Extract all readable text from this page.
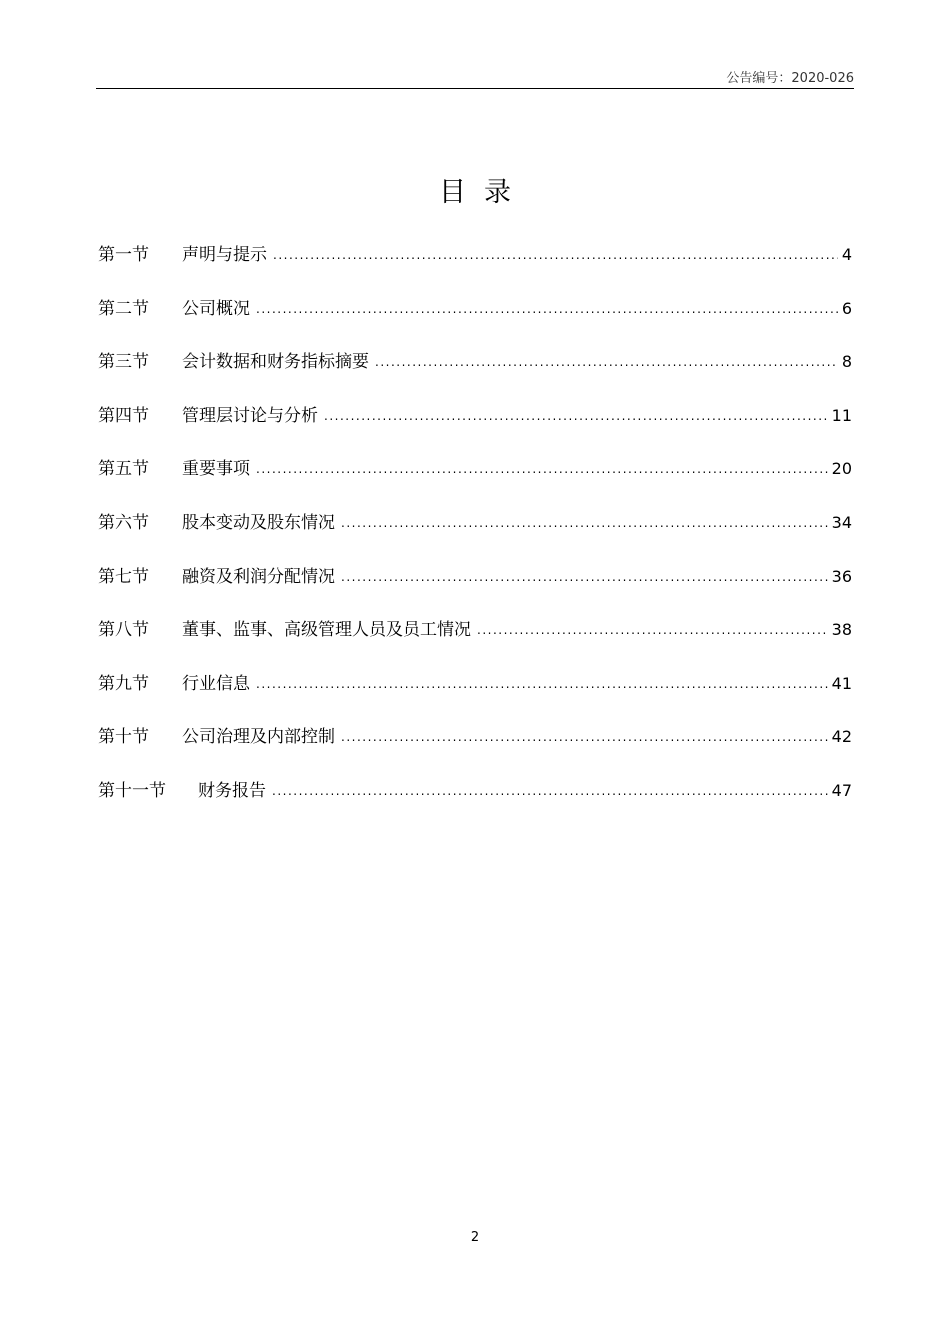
公告编号：2020-026
目录
第一节	声明与提示 .....	4
第二节	公司概况 .....	6
第三节	会计数据和财务指标摘要 .....	8
第四节	管理层讨论与分析 .....	11
第五节	重要事项 .....	20
第六节	股本变动及股东情况 .....	34
第七节	融资及利润分配情况 .....	36
第八节	董事、监事、高级管理人员及员工情况 .....	38
第九节	行业信息 .....	41
第十节	公司治理及内部控制 .....	42
第十一节	财务报告 .....	47
2
